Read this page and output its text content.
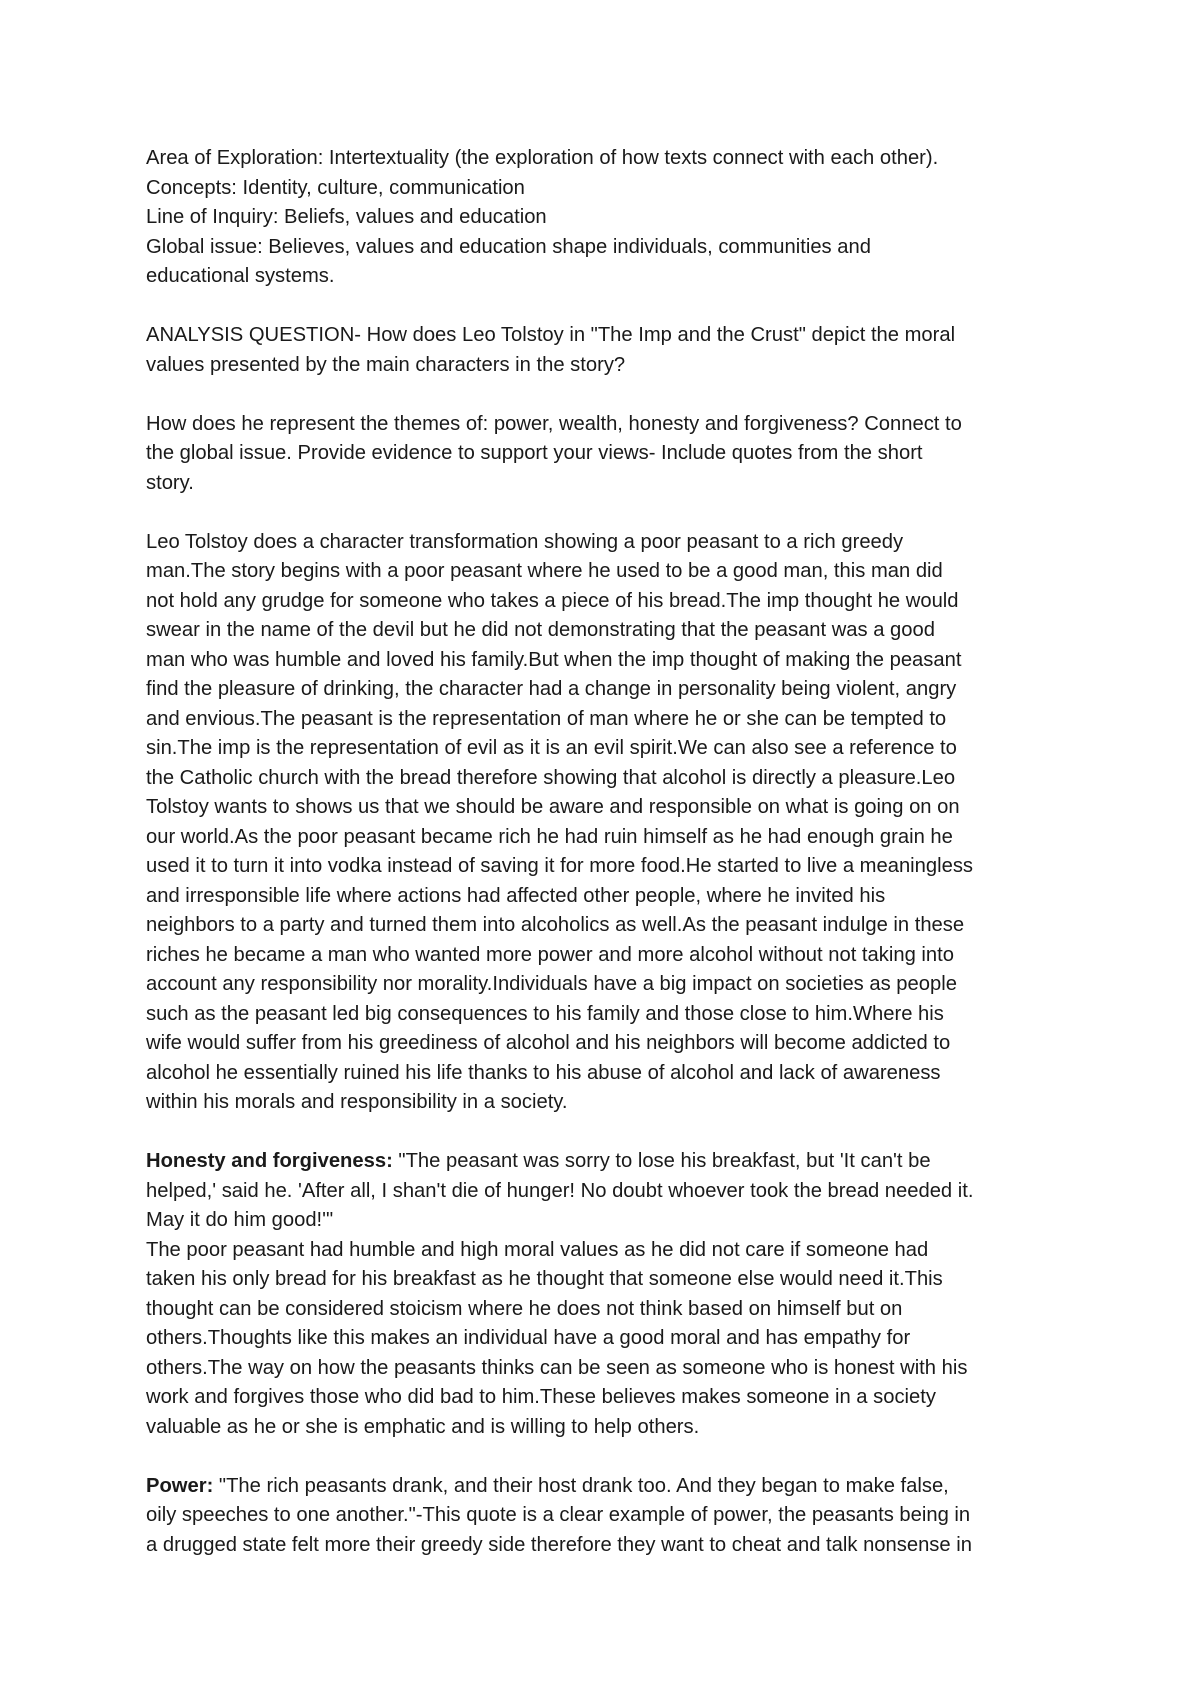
Area of Exploration: Intertextuality (the exploration of how texts connect with each other).
Concepts: Identity, culture, communication
Line of Inquiry: Beliefs, values and education
Global issue: Believes, values and education shape individuals, communities and
educational systems.
ANALYSIS QUESTION- How does Leo Tolstoy in "The Imp and the Crust" depict the moral
values presented by the main characters in the story?
How does he represent the themes of: power, wealth, honesty and forgiveness? Connect to
the global issue. Provide evidence to support your views- Include quotes from the short
story.
Leo Tolstoy does a character transformation showing a poor peasant to a rich greedy
man.The story begins with a poor peasant where he used to be a good man, this man did
not hold any grudge for someone who takes a piece of his bread.The imp thought he would
swear in the name of the devil but he did not demonstrating that the peasant was a good
man who was humble and loved his family.But when the imp thought of making the peasant
find the pleasure of drinking, the character had a change in personality being violent, angry
and envious.The peasant is the representation of man where he or she can be tempted to
sin.The imp is the representation of evil as it is an evil spirit.We can also see a reference to
the Catholic church with the bread therefore showing that alcohol is directly a pleasure.Leo
Tolstoy wants to shows us that we should be aware and responsible on what is going on on
our world.As the poor peasant became rich he had ruin himself as he had enough grain he
used it to turn it into vodka instead of saving it for more food.He started to live a meaningless
and irresponsible life where actions had affected other people, where he invited his
neighbors to a party and turned them into alcoholics as well.As the peasant indulge in these
riches he became a man who wanted more power and more alcohol without not taking into
account any responsibility nor morality.Individuals have a big impact on societies as people
such as the peasant led big consequences to his family and those close to him.Where his
wife would suffer from his greediness of alcohol and his neighbors will become addicted to
alcohol he essentially ruined his life thanks to his abuse of alcohol and lack of awareness
within his morals and responsibility in a society.
Honesty and forgiveness: "The peasant was sorry to lose his breakfast, but 'It can't be
helped,' said he. 'After all, I shan't die of hunger! No doubt whoever took the bread needed it.
May it do him good!'"
The poor peasant had humble and high moral values as he did not care if someone had
taken his only bread for his breakfast as he thought that someone else would need it.This
thought can be considered stoicism where he does not think based on himself but on
others.Thoughts like this makes an individual have a good moral and has empathy for
others.The way on how the peasants thinks can be seen as someone who is honest with his
work and forgives those who did bad to him.These believes makes someone in a society
valuable as he or she is emphatic and is willing to help others.
Power: "The rich peasants drank, and their host drank too. And they began to make false,
oily speeches to one another."-This quote is a clear example of power, the peasants being in
a drugged state felt more their greedy side therefore they want to cheat and talk nonsense in
